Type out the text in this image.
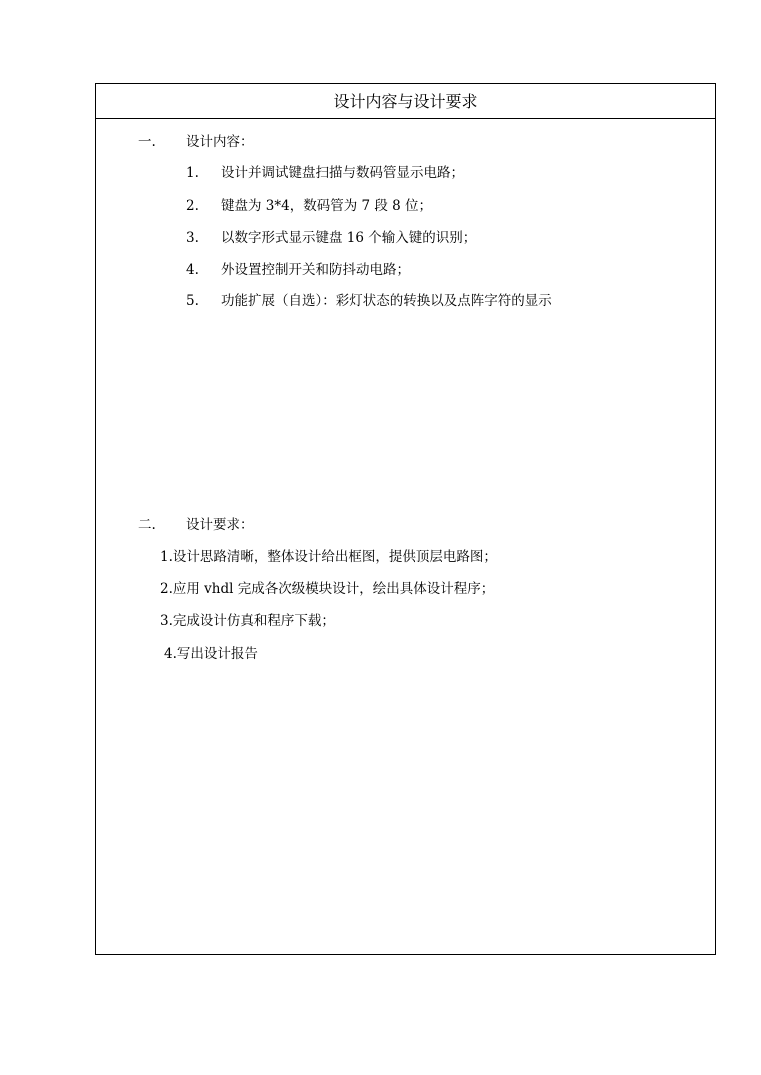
设计内容与设计要求
一. 设计内容：
1. 设计并调试键盘扫描与数码管显示电路；
2. 键盘为 3*4，数码管为 7 段 8 位；
3. 以数字形式显示键盘 16 个输入键的识别；
4. 外设置控制开关和防抖动电路；
5. 功能扩展（自选）：彩灯状态的转换以及点阵字符的显示
二. 设计要求：
1.设计思路清晰，整体设计给出框图，提供顶层电路图；
2.应用 vhdl 完成各次级模块设计，绘出具体设计程序；
3.完成设计仿真和程序下载；
4.写出设计报告
